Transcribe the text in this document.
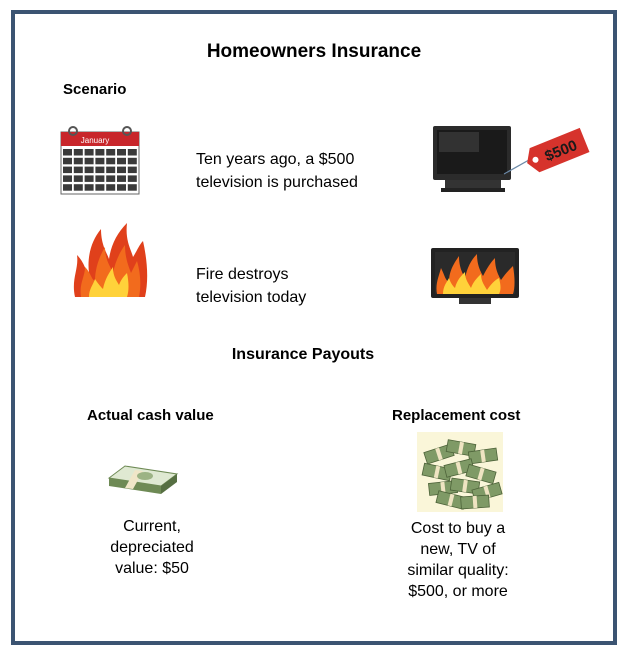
Homeowners Insurance
Scenario
January
Ten years ago, a $500
television is purchased
$500
Fire destroys
television today
Insurance Payouts
Actual cash value	Replacement cost
Current,
depreciated
value: $50
Cost to buy a
new, TV of
similar quality:
$500, or more
